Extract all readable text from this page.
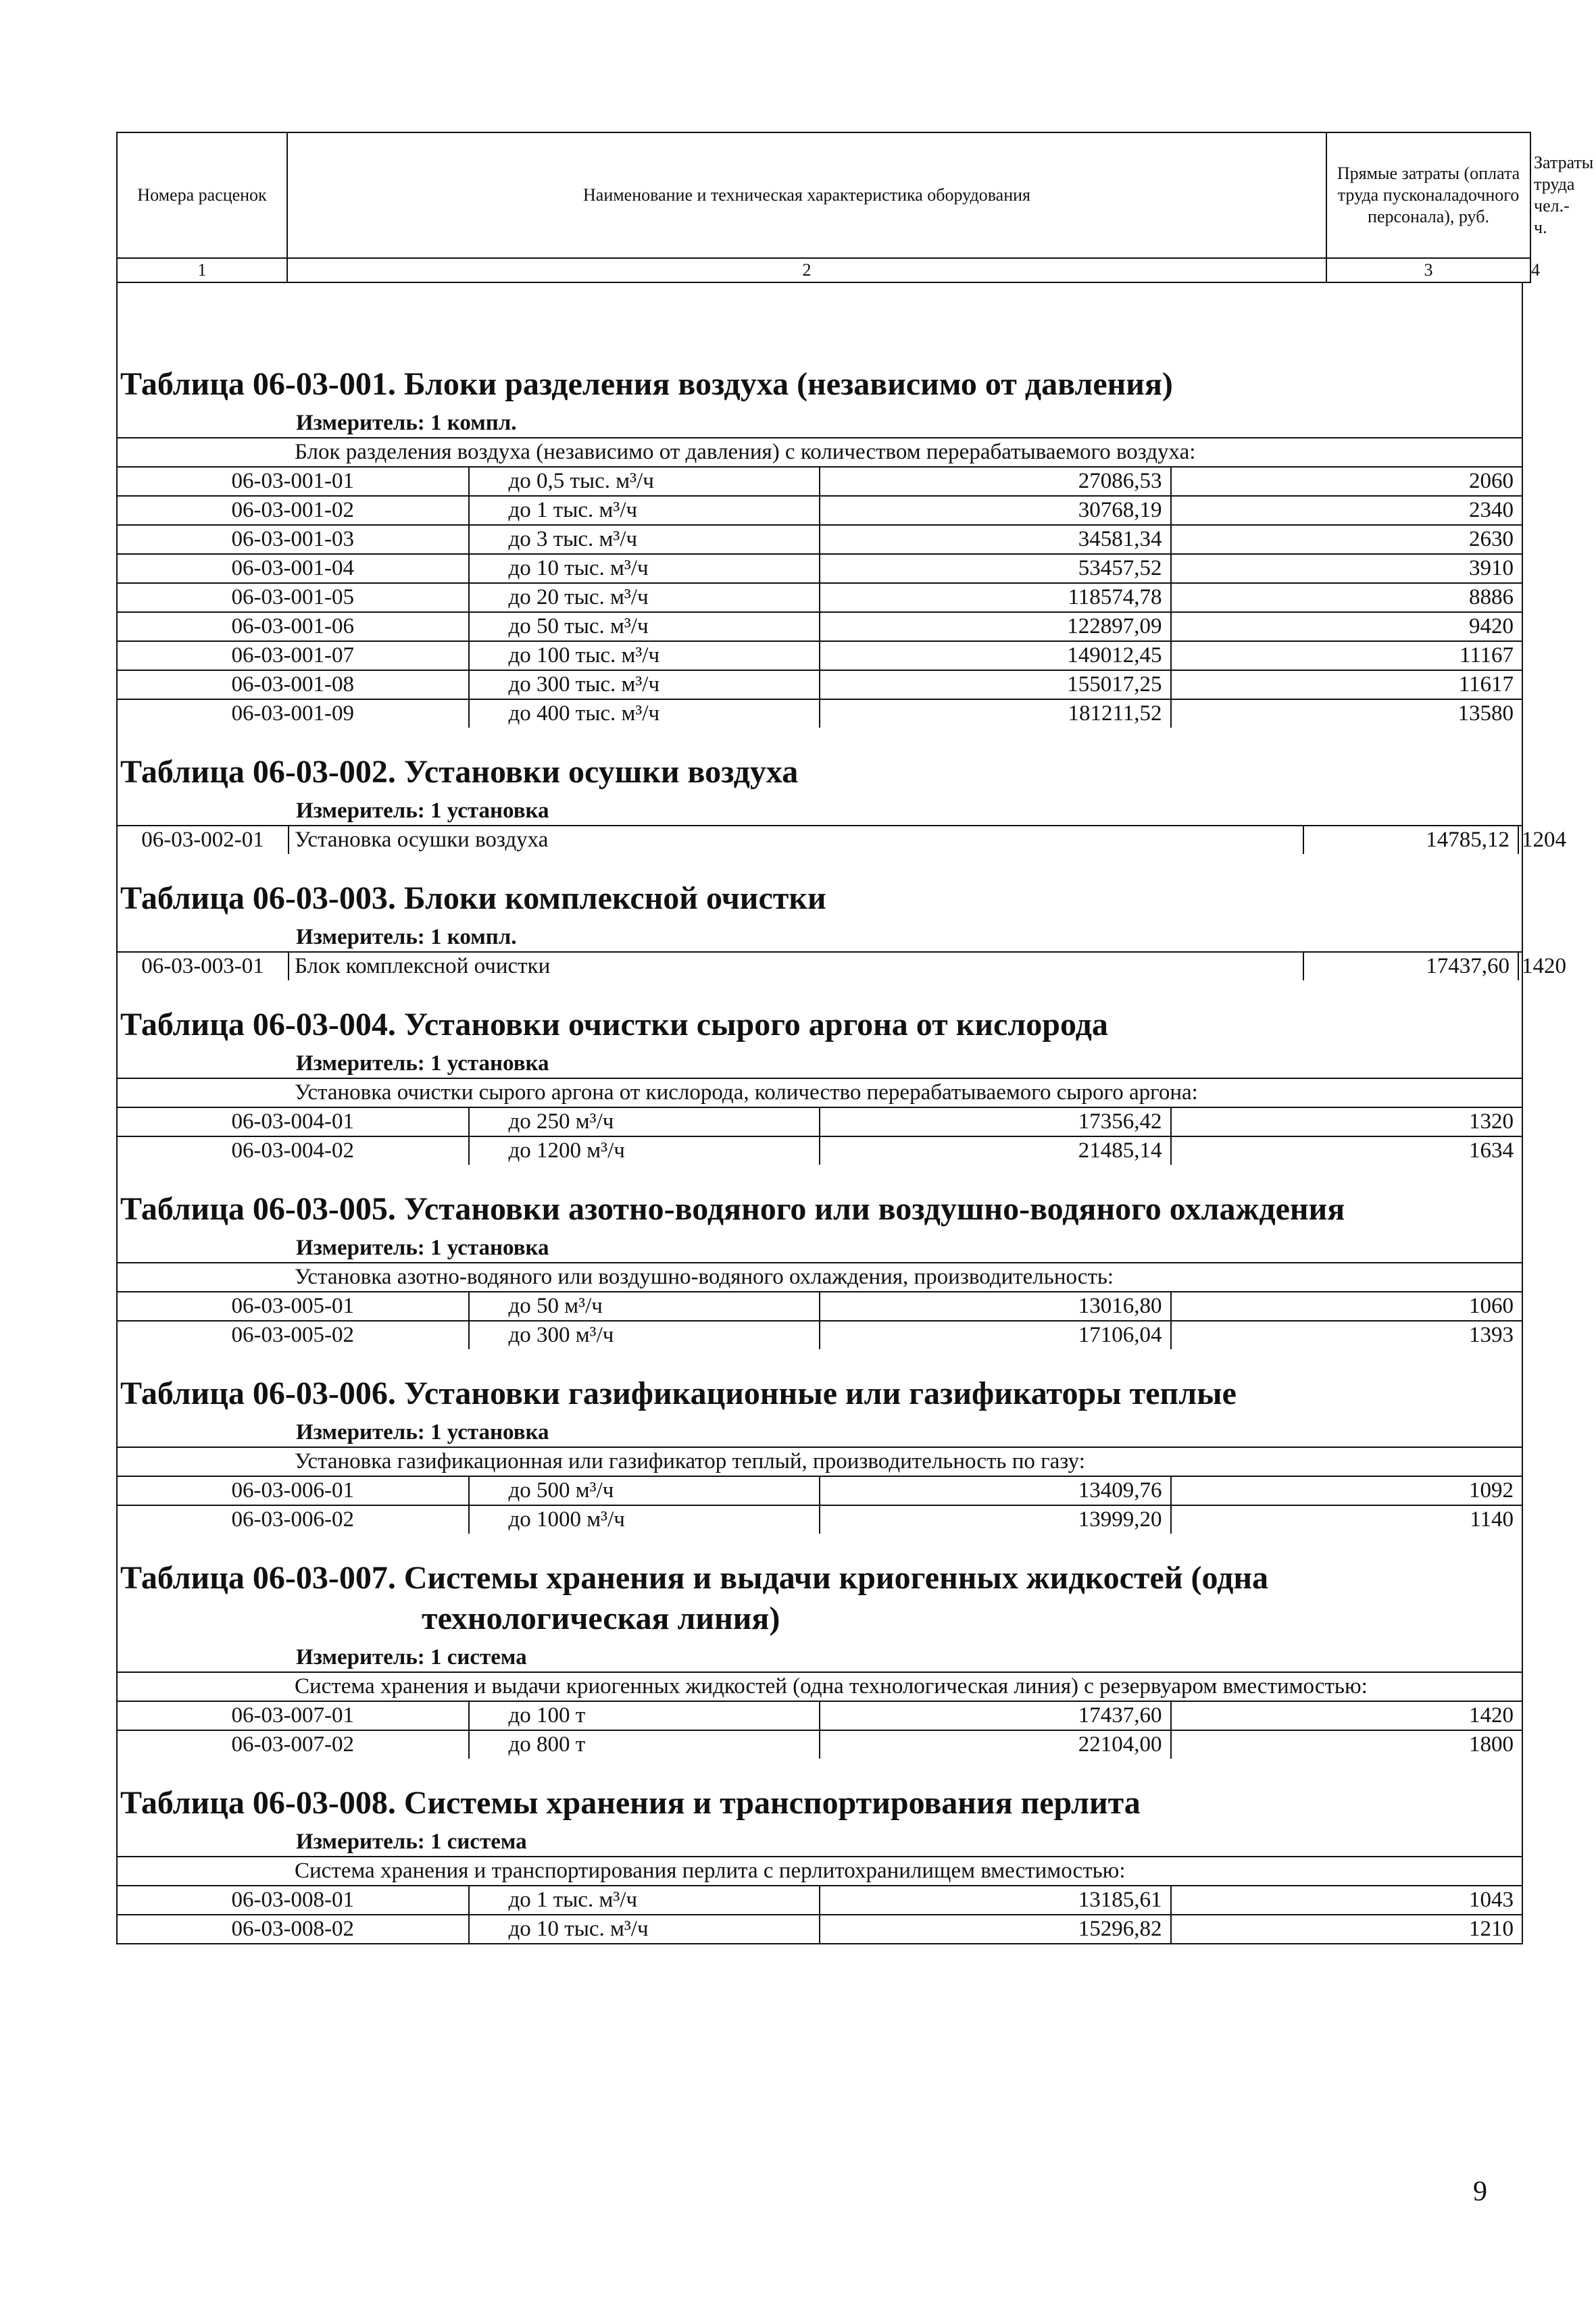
Номера расценок	Наименование и техническая характеристика оборудования	Прямые затраты (оплата труда пусконаладочного персонала), руб.	Затраты труда чел.-ч.
1	2	3	4
Таблица 06-03-001. Блоки разделения воздуха (независимо от давления)
Измеритель: 1 компл.
Блок разделения воздуха (независимо от давления) с количеством перерабатываемого воздуха:			
06-03-001-01	до 0,5 тыс. м³/ч	27086,53	2060
06-03-001-02	до 1 тыс. м³/ч	30768,19	2340
06-03-001-03	до 3 тыс. м³/ч	34581,34	2630
06-03-001-04	до 10 тыс. м³/ч	53457,52	3910
06-03-001-05	до 20 тыс. м³/ч	118574,78	8886
06-03-001-06	до 50 тыс. м³/ч	122897,09	9420
06-03-001-07	до 100 тыс. м³/ч	149012,45	11167
06-03-001-08	до 300 тыс. м³/ч	155017,25	11617
06-03-001-09	до 400 тыс. м³/ч	181211,52	13580
Таблица 06-03-002. Установки осушки воздуха
Измеритель: 1 установка
06-03-002-01	Установка осушки воздуха	14785,12	1204
Таблица 06-03-003. Блоки комплексной очистки
Измеритель: 1 компл.
06-03-003-01	Блок комплексной очистки	17437,60	1420
Таблица 06-03-004. Установки очистки сырого аргона от кислорода
Измеритель: 1 установка
Установка очистки сырого аргона от кислорода, количество перерабатываемого сырого аргона:			
06-03-004-01	до 250 м³/ч	17356,42	1320
06-03-004-02	до 1200 м³/ч	21485,14	1634
Таблица 06-03-005. Установки азотно-водяного или воздушно-водяного охлаждения
Измеритель: 1 установка
Установка азотно-водяного или воздушно-водяного охлаждения, производительность:			
06-03-005-01	до 50 м³/ч	13016,80	1060
06-03-005-02	до 300 м³/ч	17106,04	1393
Таблица 06-03-006. Установки газификационные или газификаторы теплые
Измеритель: 1 установка
Установка газификационная или газификатор теплый, производительность по газу:			
06-03-006-01	до 500 м³/ч	13409,76	1092
06-03-006-02	до 1000 м³/ч	13999,20	1140
Таблица 06-03-007. Системы хранения и выдачи криогенных жидкостей (одна
технологическая линия)
Измеритель: 1 система
Система хранения и выдачи криогенных жидкостей (одна технологическая линия) с резервуаром вместимостью:			
06-03-007-01	до 100 т	17437,60	1420
06-03-007-02	до 800 т	22104,00	1800
Таблица 06-03-008. Системы хранения и транспортирования перлита
Измеритель: 1 система
Система хранения и транспортирования перлита с перлитохранилищем вместимостью:			
06-03-008-01	до 1 тыс. м³/ч	13185,61	1043
06-03-008-02	до 10 тыс. м³/ч	15296,82	1210
9
